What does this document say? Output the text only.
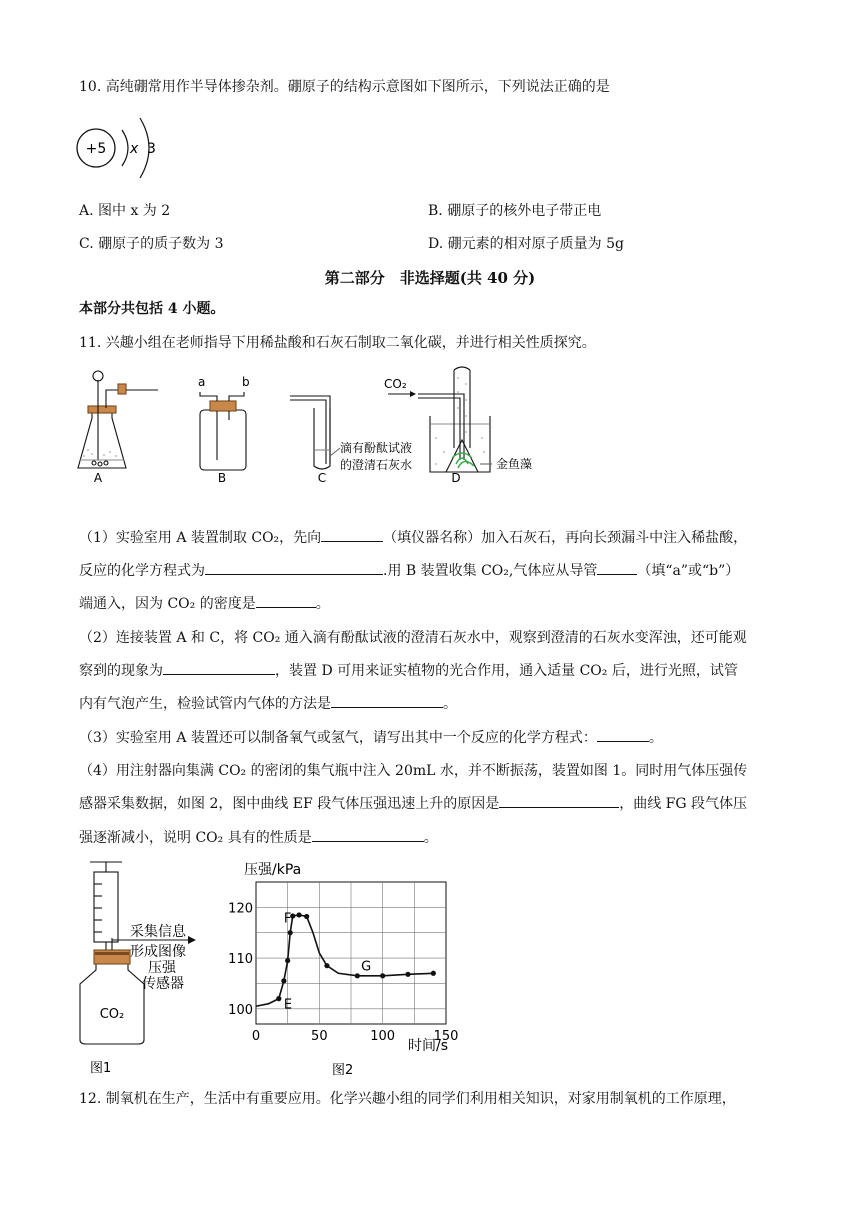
10. 高纯硼常用作半导体掺杂剂。硼原子的结构示意图如下图所示，下列说法正确的是
+5 x 3
A. 图中 x 为 2	B. 硼原子的核外电子带正电
C. 硼原子的质子数为 3	D. 硼元素的相对原子质量为 5g
第二部分　非选择题(共 40 分)
本部分共包括 4 小题。
11. 兴趣小组在老师指导下用稀盐酸和石灰石制取二氧化碳，并进行相关性质探究。
A
a	b
B
滴有酚酞试液
的澄清石灰水
C
CO₂
金鱼藻
D
（1）实验室用 A 装置制取 CO₂，先向	（填仪器名称）加入石灰石，再向长颈漏斗中注入稀盐酸，
反应的化学方程式为	.用 B 装置收集 CO₂,气体应从导管	（填“a”或“b”）
端通入，因为 CO₂ 的密度是	。
（2）连接装置 A 和 C，将 CO₂ 通入滴有酚酞试液的澄清石灰水中，观察到澄清的石灰水变浑浊，还可能观
察到的现象为	，装置 D 可用来证实植物的光合作用，通入适量 CO₂ 后，进行光照，试管
内有气泡产生，检验试管内气体的方法是	。
（3）实验室用 A 装置还可以制备氧气或氢气，请写出其中一个反应的化学方程式：	。
（4）用注射器向集满 CO₂ 的密闭的集气瓶中注入 20mL 水，并不断振荡，装置如图 1。同时用气体压强传
感器采集数据，如图 2，图中曲线 EF 段气体压强迅速上升的原因是	，曲线 FG 段气体压
强逐渐减小，说明 CO₂ 具有的性质是	。
采集信息
形成图像
压强
传感器
CO₂
图1
压强/kPa
0	50	100	150
100
110
120
E
F
G
时间/s
图2
12. 制氧机在生产，生活中有重要应用。化学兴趣小组的同学们利用相关知识，对家用制氧机的工作原理，
